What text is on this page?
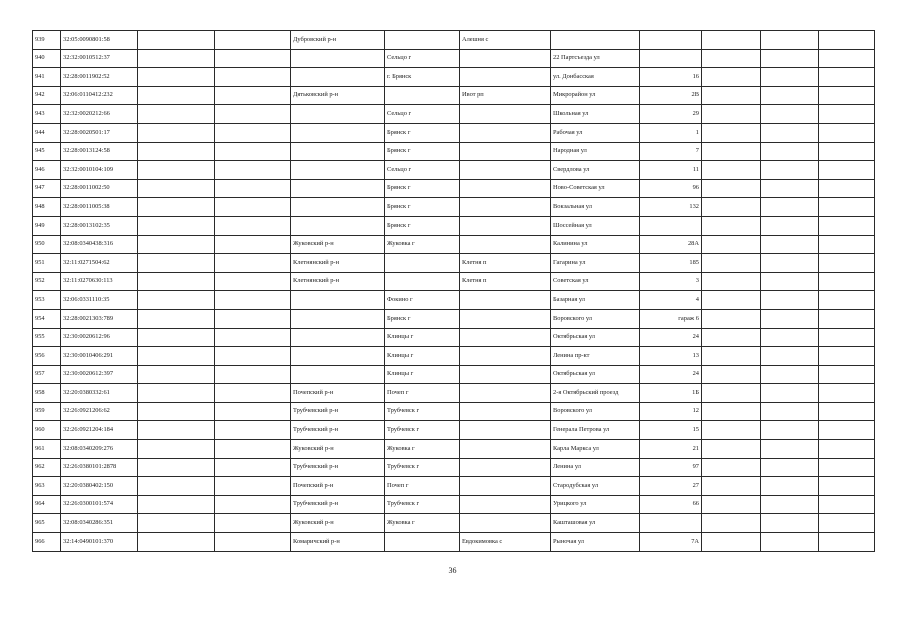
939	32:05:0090801:58			Дубровский р-н		Алешня с					
940	32:32:0010512:37				Сельцо г		22 Партсъезда ул				
941	32:28:0011902:52				г. Брянск		ул. Донбасская	16			
942	32:06:0110412:232			Дятьковский р-н		Ивот рп	Микрорайон ул	2В			
943	32:32:0020212:66				Сельцо г		Школьная ул	29			
944	32:28:0020501:17				Брянск г		Рабочая ул	1			
945	32:28:0013124:58				Брянск г		Народная ул	7			
946	32:32:0010104:109				Сельцо г		Свердлова ул	11			
947	32:28:0011002:50				Брянск г		Ново-Советская ул	96			
948	32:28:0011005:38				Брянск г		Вокзальная ул	132			
949	32:28:0013102:35				Брянск г		Шоссейная ул				
950	32:08:0340438:316			Жуковский р-н	Жуковка г		Калинина ул	28А			
951	32:11:0271504:62			Клетнянский р-н		Клетня п	Гагарина ул	185			
952	32:11:0270630:113			Клетнянский р-н		Клетня п	Советская ул	3			
953	32:06:0331110:35				Фокино г		Базарная ул	4			
954	32:28:0021303:789				Брянск г		Воровского ул	гараж 6			
955	32:30:0020612:96				Клинцы г		Октябрьская ул	24			
956	32:30:0010406:291				Клинцы г		Ленина пр-кт	13			
957	32:30:0020612:397				Клинцы г		Октябрьская ул	24			
958	32:20:0380332:61			Почепский р-н	Почеп г		2-я Октябрьский проезд	1Б			
959	32:26:0921206:62			Трубчевский р-н	Трубчевск г		Воровского ул	12			
960	32:26:0921204:184			Трубчевский р-н	Трубчевск г		Генерала Петрова ул	15			
961	32:08:0340209:276			Жуковский р-н	Жуковка г		Карла Маркса ул	21			
962	32:26:0380101:2878			Трубчевский р-н	Трубчевск г		Ленина ул	97			
963	32:20:0380402:150			Почепский р-н	Почеп г		Стародубская ул	27			
964	32:26:0300101:574			Трубчевский р-н	Трубчевск г		Урицкого ул	66			
965	32:08:0340286:351			Жуковский р-н	Жуковка г		Кашташовая ул				
966	32:14:0490101:370			Комаричский р-н		Евдокимовка с	Рыночая ул	7А			
36
